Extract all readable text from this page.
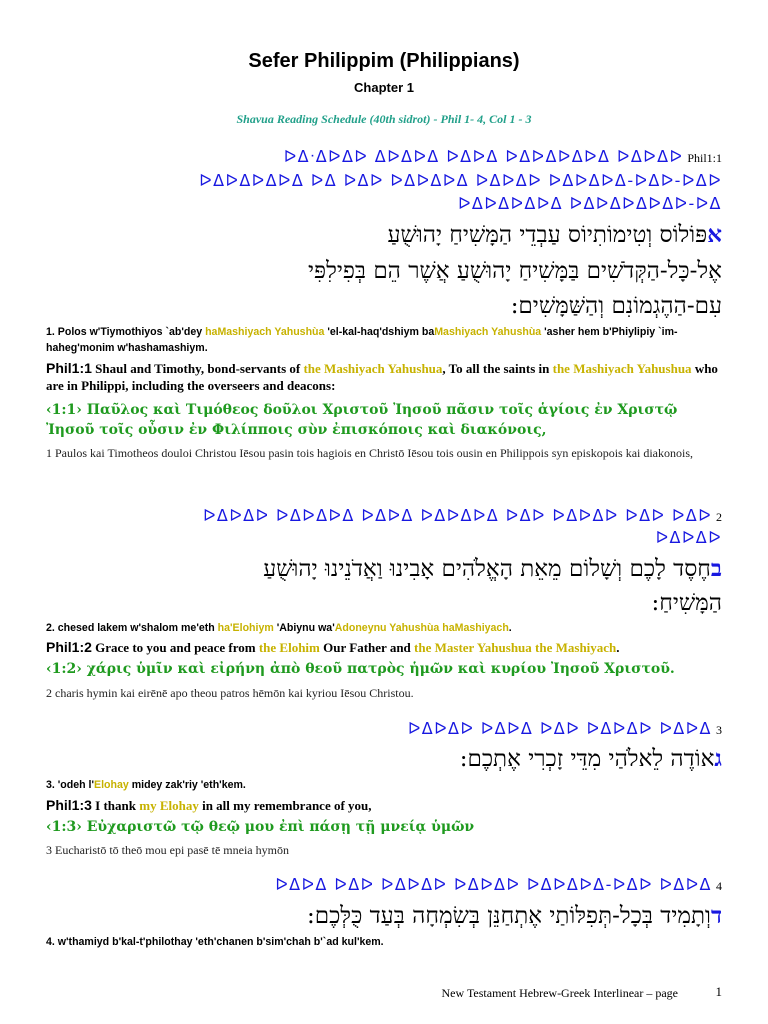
Sefer Philippim (Philippians)
Chapter 1
Shavua Reading Schedule (40th sidrot) - Phil 1- 4, Col 1 - 3
ᐅᐃᐧᐃᐅᐃᐅ ᐃᐅᐃᐅᐃ ᐅᐃᐅᐃ ᐅᐃᐅᐃᐅᐃᐅᐃ ᐅᐃᐅᐃᐅ Phil1:1
ᐅᐃᐅᐃᐅᐃᐅᐃ ᐅᐃ ᐅᐃᐅ ᐅᐃᐅᐃᐅᐃ ᐅᐃᐅᐃᐅ ᐅᐃᐅᐃᐅᐃ-ᐅᐃᐅ-ᐅᐃᐅ
ᐅᐃᐅᐃᐅᐃᐅᐃ ᐅᐃᐅᐃᐅᐃᐅᐃᐅ-ᐅᐃ
אפּוֹלוֹס וְטִימוֹתִיוֹס עַבְדֵי הַמָּשִׁיחַ יָהוּשֻׁעַ
אֶל-כָּל-הַקְּדֹשִׁים בַּמָּשִׁיחַ יָהוּשֻׁעַ אֲשֶׁר הֵם בְּפִילִפִּי
עִם-הַהֶגְמוֹנִם וְהַשַּׁמָּשִׁים:
1. Polos w'Tiymothiyos `ab'dey haMashiyach Yahushùa 'el-kal-haq'dshiym baMashiyach Yahushùa 'asher hem b'Phiylipiy `im-haheg'monim w'hashamashiym.
Phil1:1 Shaul and Timothy, bond-servants of the Mashiyach Yahushua, To all the saints in the Mashiyach Yahushua who are in Philippi, including the overseers and deacons:
‹1:1› Παῦλος καὶ Τιμόθεος δοῦλοι Χριστοῦ Ἰησοῦ πᾶσιν τοῖς ἁγίοις ἐν Χριστῷ Ἰησοῦ τοῖς οὖσιν ἐν Φιλίπποις σὺν ἐπισκόποις καὶ διακόνοις,
1 Paulos kai Timotheos douloi Christou Iēsou pasin tois hagiois en Christō Iēsou tois ousin en Philippois syn episkopois kai diakonois,
ᐅᐃᐅᐃᐅ ᐅᐃᐅᐃᐅᐃ ᐅᐃᐅᐃ ᐅᐃᐅᐃᐅᐃ ᐅᐃᐅ ᐅᐃᐅᐃᐅ ᐅᐃᐅ ᐅᐃᐅ 2
ᐅᐃᐅᐃᐅ
בחֶסֶד לָכֶם וְשָׁלוֹם מֵאֵת הָאֱלֹהִים אָבִינוּ וַאֲדֹנֵינוּ יָהוּשֻׁעַ
הַמָּשִׁיחַ:
2. chesed lakem w'shalom me'eth ha'Elohiym 'Abiynu wa'Adoneynu Yahushùa haMashiyach.
Phil1:2 Grace to you and peace from the Elohim Our Father and the Master Yahushua the Mashiyach.
‹1:2› χάρις ὑμῖν καὶ εἰρήνη ἀπὸ θεοῦ πατρὸς ἡμῶν καὶ κυρίου Ἰησοῦ Χριστοῦ.
2 charis hymin kai eirēnē apo theou patros hēmōn kai kyriou Iēsou Christou.
ᐅᐃᐅᐃᐅ ᐅᐃᐅᐃ ᐅᐃᐅ ᐅᐃᐅᐃᐅ ᐅᐃᐅᐃ 3
גאוֹדֶה לֵאלֹהַי מִדֵּי זָכְרִי אֶתְכֶם:
3. 'odeh l'Elohay midey zak'riy 'eth'kem.
Phil1:3 I thank my Elohay in all my remembrance of you,
‹1:3› Εὐχαριστῶ τῷ θεῷ μου ἐπὶ πάσῃ τῇ μνείᾳ ὑμῶν
3 Eucharistō tō theō mou epi pasē tē mneia hymōn
ᐅᐃᐅᐃ ᐅᐃᐅ ᐅᐃᐅᐃᐅ ᐅᐃᐅᐃᐅ ᐅᐃᐅᐃᐅᐃ-ᐅᐃᐅ ᐅᐃᐅᐃ 4
דוְתָמִיד בְּכָל-תְּפִלּוֹתַי אֶתְחַנֵּן בְּשִׂמְחָה בְּעַד כֻּלְּכֶם:
4. w'thamiyd b'kal-t'philothay 'eth'chanen b'sim'chah b'`ad kul'kem.
New Testament Hebrew-Greek Interlinear – page	1
